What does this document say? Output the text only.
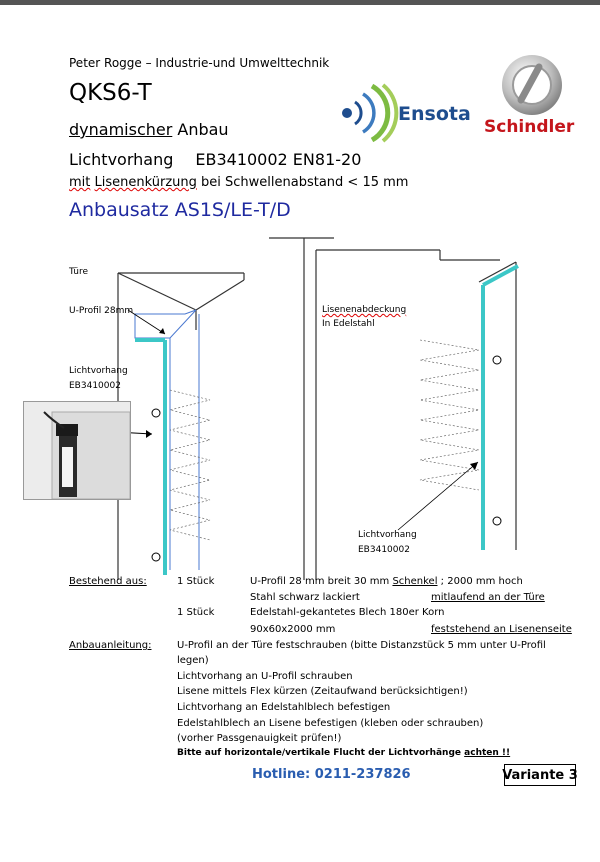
Peter Rogge – Industrie-und Umwelttechnik
QKS6-T
dynamischer Anbau
Lichtvorhang EB3410002 EN81-20
mit Lisenenkürzung bei Schwellenabstand < 15 mm
Anbausatz AS1S/LE-T/D
Ensota
Schindler
Türe
U-Profil 28mm
Lichtvorhang
EB3410002
Lisenenabdeckung
In Edelstahl
Lichtvorhang
EB3410002
Bestehend aus:	1 Stück	U-Profil 28 mm breit 30 mm Schenkel ; 2000 mm hoch
Stahl schwarz lackiert	mitlaufend an der Türe
1 Stück	Edelstahl-gekantetes Blech 180er Korn
90x60x2000 mm	feststehend an Lisenenseite
Anbauanleitung:	U-Profil an der Türe festschrauben (bitte Distanzstück 5 mm unter U-Profil
legen)
Lichtvorhang an U-Profil schrauben
Lisene mittels Flex kürzen (Zeitaufwand berücksichtigen!)
Lichtvorhang an Edelstahlblech befestigen
Edelstahlblech an Lisene befestigen (kleben oder schrauben)
(vorher Passgenauigkeit prüfen!)
Bitte auf horizontale/vertikale Flucht der Lichtvorhänge achten !!
Hotline: 0211-237826	Variante 3
